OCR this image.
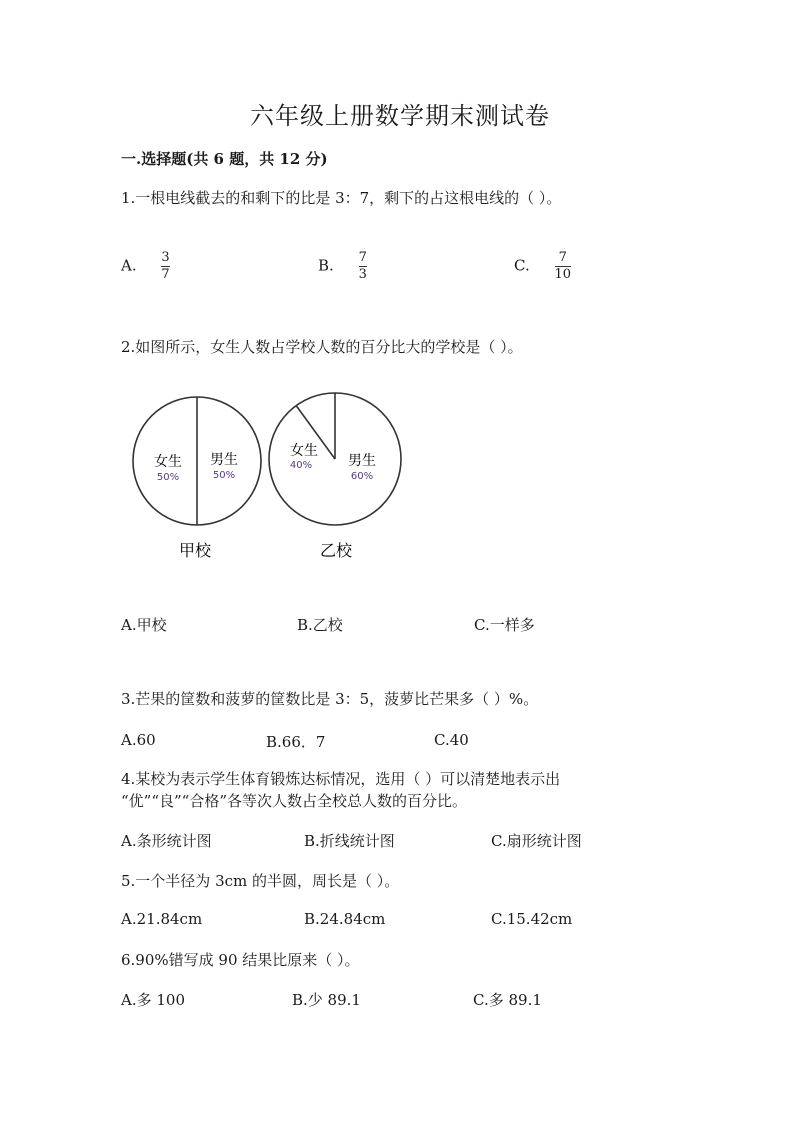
六年级上册数学期末测试卷
一.选择题(共 6 题，共 12 分)
1.一根电线截去的和剩下的比是 3：7，剩下的占这根电线的（ ）。
A. $\frac{3}{7}$	B. $\frac{7}{3}$	C. $\frac{7}{10}$
2.如图所示，女生人数占学校人数的百分比大的学校是（ ）。
女生
50%
男生
50%
甲校
女生
40%	男生
60%
乙校
A.甲校	B.乙校	C.一样多
3.芒果的筐数和菠萝的筐数比是 3：5，菠萝比芒果多（ ）%。
A.60	B.66．7	C.40
4.某校为表示学生体育锻炼达标情况，选用（ ）可以清楚地表示出
“优”“良”“合格”各等次人数占全校总人数的百分比。
A.条形统计图	B.折线统计图	C.扇形统计图
5.一个半径为 3cm 的半圆，周长是（ ）。
A.21.84cm	B.24.84cm	C.15.42cm
6.90%错写成 90 结果比原来（ ）。
A.多 100	B.少 89.1	C.多 89.1
